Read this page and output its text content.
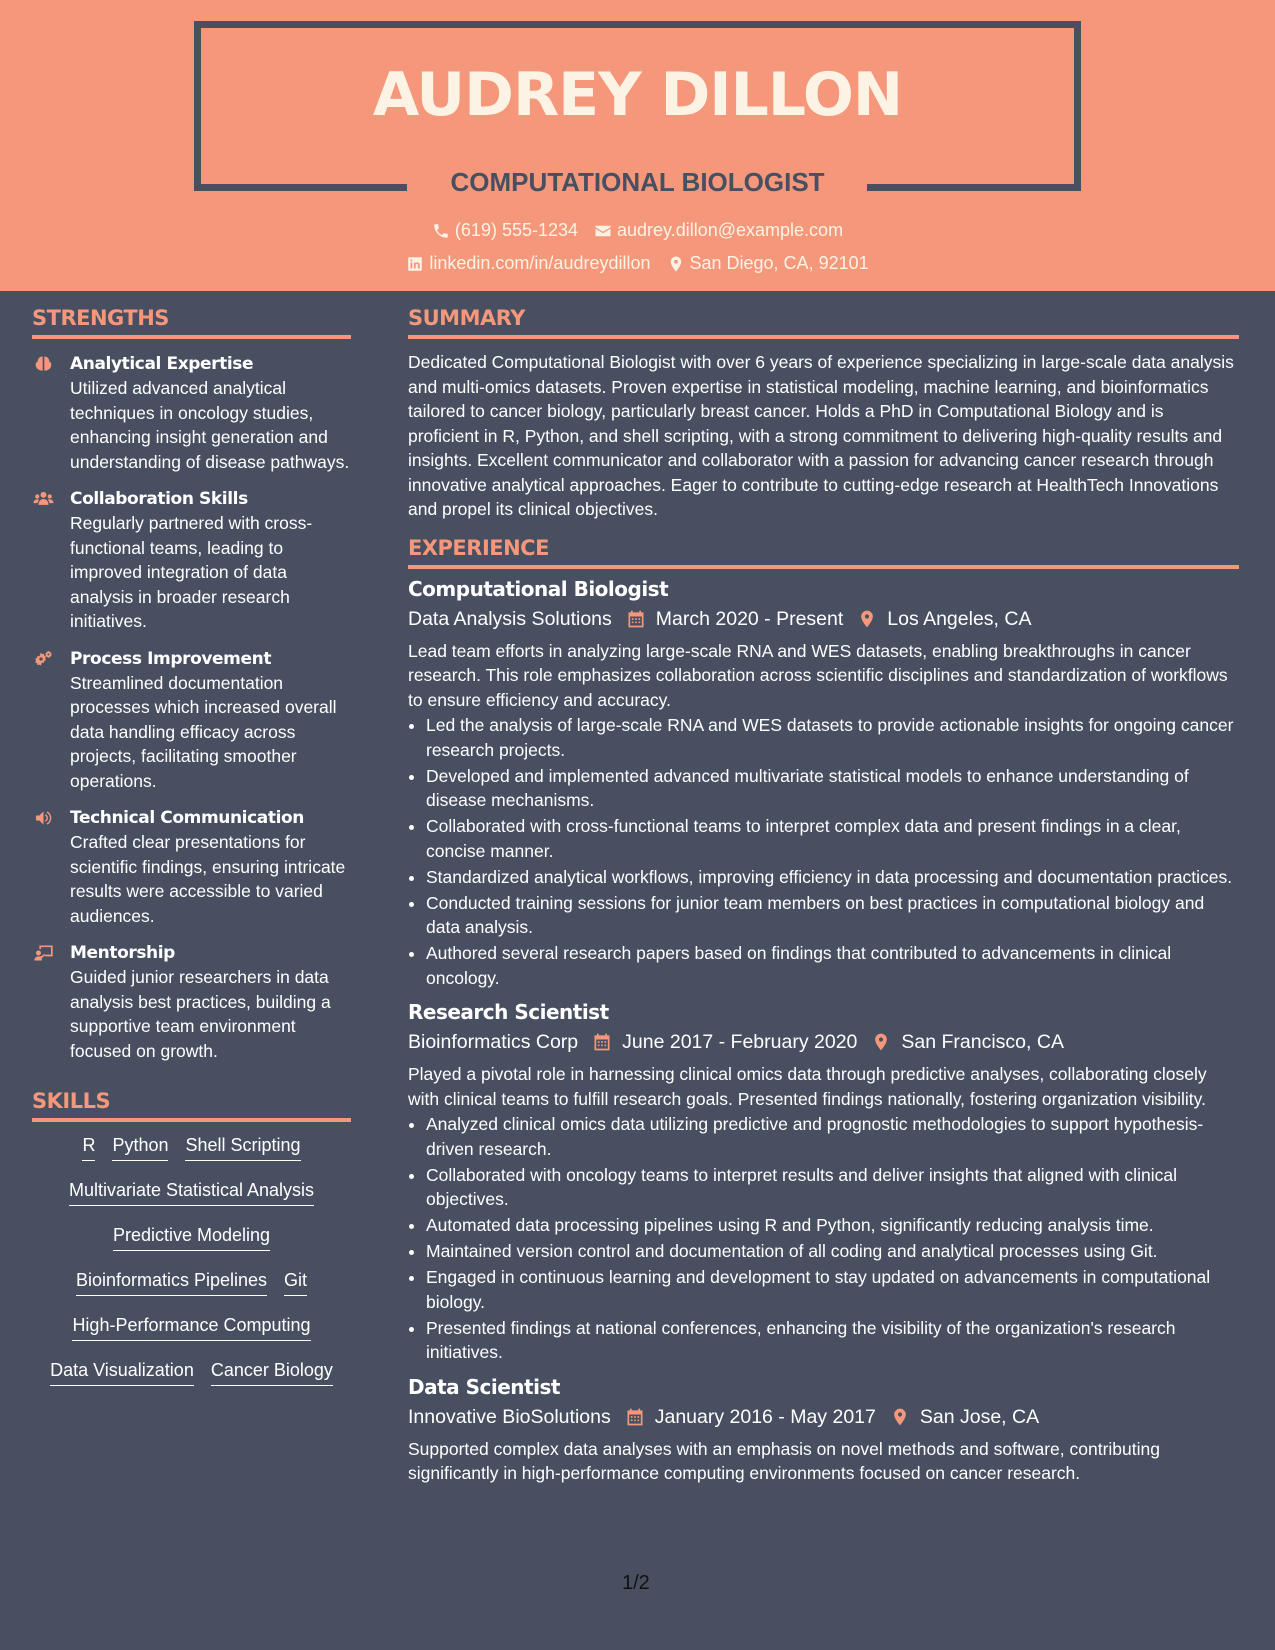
AUDREY DILLON
COMPUTATIONAL BIOLOGIST
(619) 555-1234 audrey.dillon@example.com
linkedin.com/in/audreydillon San Diego, CA, 92101
STRENGTHS
Analytical Expertise
Utilized advanced analytical techniques in oncology studies, enhancing insight generation and understanding of disease pathways.
Collaboration Skills
Regularly partnered with cross-functional teams, leading to improved integration of data analysis in broader research initiatives.
Process Improvement
Streamlined documentation processes which increased overall data handling efficacy across projects, facilitating smoother operations.
Technical Communication
Crafted clear presentations for scientific findings, ensuring intricate results were accessible to varied audiences.
Mentorship
Guided junior researchers in data analysis best practices, building a supportive team environment focused on growth.
SKILLS
R Python Shell Scripting
Multivariate Statistical Analysis
Predictive Modeling
Bioinformatics Pipelines Git
High-Performance Computing
Data Visualization Cancer Biology
SUMMARY
Dedicated Computational Biologist with over 6 years of experience specializing in large-scale data analysis and multi-omics datasets. Proven expertise in statistical modeling, machine learning, and bioinformatics tailored to cancer biology, particularly breast cancer. Holds a PhD in Computational Biology and is proficient in R, Python, and shell scripting, with a strong commitment to delivering high-quality results and insights. Excellent communicator and collaborator with a passion for advancing cancer research through innovative analytical approaches. Eager to contribute to cutting-edge research at HealthTech Innovations and propel its clinical objectives.
EXPERIENCE
Computational Biologist
Data Analysis Solutions March 2020 - Present Los Angeles, CA
Lead team efforts in analyzing large-scale RNA and WES datasets, enabling breakthroughs in cancer research. This role emphasizes collaboration across scientific disciplines and standardization of workflows to ensure efficiency and accuracy.
• Led the analysis of large-scale RNA and WES datasets to provide actionable insights for ongoing cancer research projects.
• Developed and implemented advanced multivariate statistical models to enhance understanding of disease mechanisms.
• Collaborated with cross-functional teams to interpret complex data and present findings in a clear, concise manner.
• Standardized analytical workflows, improving efficiency in data processing and documentation practices.
• Conducted training sessions for junior team members on best practices in computational biology and data analysis.
• Authored several research papers based on findings that contributed to advancements in clinical oncology.
Research Scientist
Bioinformatics Corp June 2017 - February 2020 San Francisco, CA
Played a pivotal role in harnessing clinical omics data through predictive analyses, collaborating closely with clinical teams to fulfill research goals. Presented findings nationally, fostering organization visibility.
• Analyzed clinical omics data utilizing predictive and prognostic methodologies to support hypothesis-driven research.
• Collaborated with oncology teams to interpret results and deliver insights that aligned with clinical objectives.
• Automated data processing pipelines using R and Python, significantly reducing analysis time.
• Maintained version control and documentation of all coding and analytical processes using Git.
• Engaged in continuous learning and development to stay updated on advancements in computational biology.
• Presented findings at national conferences, enhancing the visibility of the organization's research initiatives.
Data Scientist
Innovative BioSolutions January 2016 - May 2017 San Jose, CA
Supported complex data analyses with an emphasis on novel methods and software, contributing significantly in high-performance computing environments focused on cancer research.
1/2
